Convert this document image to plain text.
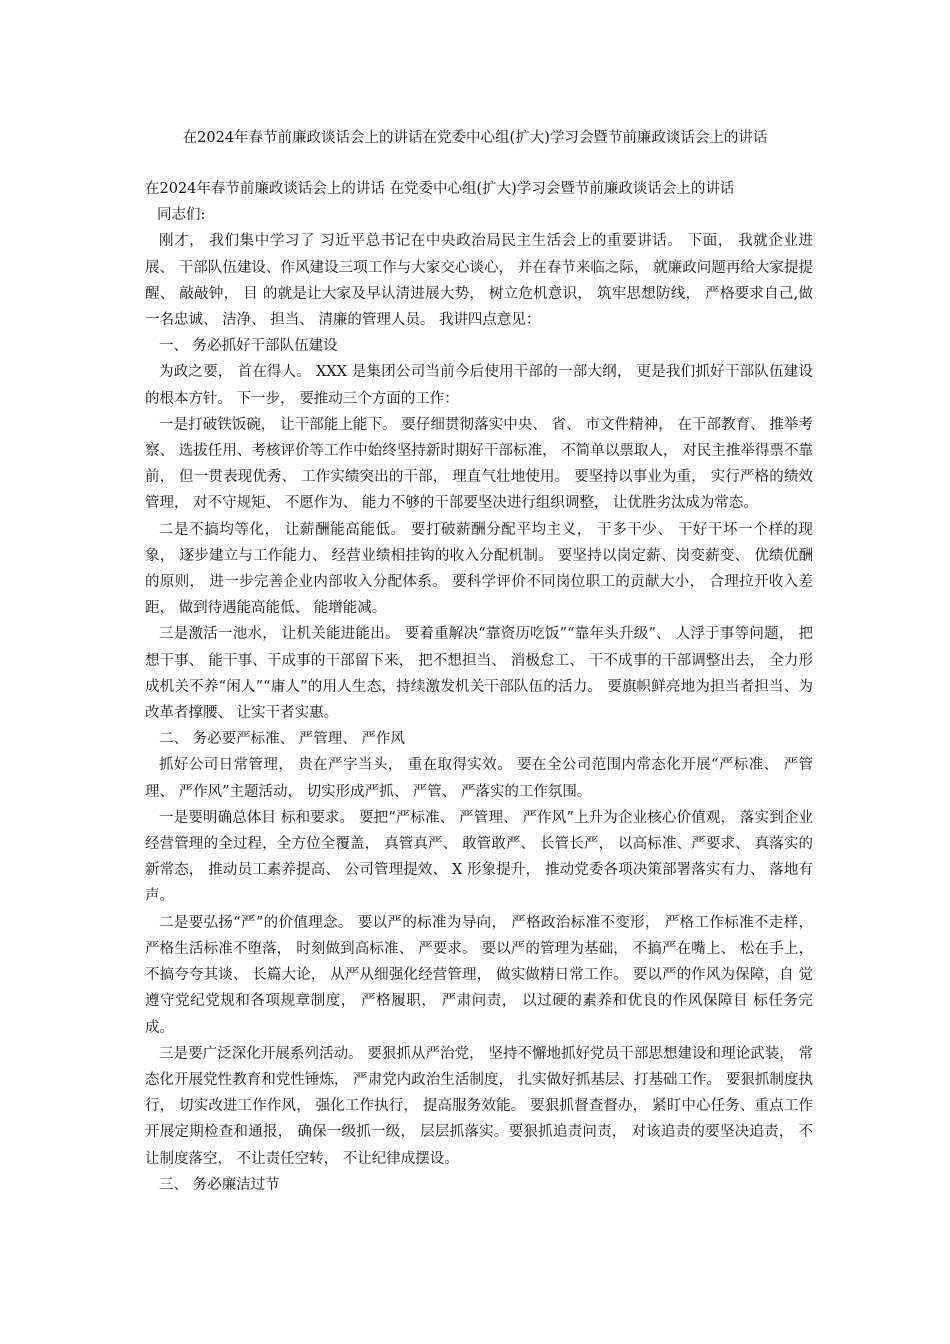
在2024年春节前廉政谈话会上的讲话在党委中心组(扩大)学习会暨节前廉政谈话会上的讲话

在2024年春节前廉政谈话会上的讲话 在党委中心组(扩大)学习会暨节前廉政谈话会上的讲话

同志们:

刚才， 我们集中学习了 习近平总书记在中央政治局民主生活会上的重要讲话。 下面， 我就企业进展、 干部队伍建设、作风建设三项工作与大家交心谈心， 并在春节来临之际， 就廉政问题再给大家提提醒、 敲敲钟， 目 的就是让大家及早认清进展大势， 树立危机意识， 筑牢思想防线， 严格要求自己,做一名忠诚、 洁净、 担当、 清廉的管理人员。 我讲四点意见：

一、 务必抓好干部队伍建设

为政之要， 首在得人。 XXX 是集团公司当前今后使用干部的一部大纲， 更是我们抓好干部队伍建设的根本方针。 下一步， 要推动三个方面的工作：

一是打破铁饭碗， 让干部能上能下。 要仔细贯彻落实中央、 省、 市文件精神， 在干部教育、 推举考察、 选拔任用、考核评价等工作中始终坚持新时期好干部标准， 不简单以票取人， 对民主推举得票不靠前， 但一贯表现优秀、 工作实绩突出的干部， 理直气壮地使用。 要坚持以事业为重， 实行严格的绩效管理， 对不守规矩、 不愿作为、 能力不够的干部要坚决进行组织调整， 让优胜劣汰成为常态。

二是不搞均等化， 让薪酬能高能低。 要打破薪酬分配平均主义， 干多干少、 干好干坏一个样的现象， 逐步建立与工作能力、 经营业绩相挂钩的收入分配机制。 要坚持以岗定薪、岗变薪变、 优绩优酬的原则， 进一步完善企业内部收入分配体系。 要科学评价不同岗位职工的贡献大小， 合理拉开收入差距， 做到待遇能高能低、 能增能减。

三是激活一池水， 让机关能进能出。 要着重解决“靠资历吃饭”“靠年头升级”、 人浮于事等问题， 把想干事、 能干事、干成事的干部留下来， 把不想担当、 消极怠工、 干不成事的干部调整出去， 全力形成机关不养“闲人”“庸人”的用人生态，持续激发机关干部队伍的活力。 要旗帜鲜亮地为担当者担当、为改革者撑腰、 让实干者实惠。

二、 务必要严标准、 严管理、 严作风

抓好公司日常管理， 贵在严字当头， 重在取得实效。 要在全公司范围内常态化开展“严标准、 严管理、 严作风”主题活动， 切实形成严抓、 严管、 严落实的工作氛围。

一是要明确总体目 标和要求。 要把“严标准、 严管理、 严作风”上升为企业核心价值观， 落实到企业经营管理的全过程，全方位全覆盖， 真管真严、 敢管敢严、 长管长严， 以高标准、严要求、 真落实的新常态， 推动员工素养提高、 公司管理提效、 X 形象提升， 推动党委各项决策部署落实有力、 落地有声。

二是要弘扬“严”的价值理念。 要以严的标准为导向， 严格政治标准不变形， 严格工作标准不走样， 严格生活标准不堕落， 时刻做到高标准、 严要求。 要以严的管理为基础， 不搞严在嘴上、 松在手上， 不搞夸夸其谈、 长篇大论， 从严从细强化经营管理， 做实做精日常工作。 要以严的作风为保障，自 觉遵守党纪党规和各项规章制度， 严格履职， 严肃问责， 以过硬的素养和优良的作风保障目 标任务完成。

三是要广泛深化开展系列活动。 要狠抓从严治党， 坚持不懈地抓好党员干部思想建设和理论武装， 常态化开展党性教育和党性锤炼， 严肃党内政治生活制度， 扎实做好抓基层、打基础工作。 要狠抓制度执行， 切实改进工作作风， 强化工作执行， 提高服务效能。 要狠抓督查督办， 紧盯中心任务、重点工作开展定期检查和通报， 确保一级抓一级， 层层抓落实。要狠抓追责问责， 对该追责的要坚决追责， 不让制度落空， 不让责任空转， 不让纪律成摆设。

三、 务必廉洁过节
